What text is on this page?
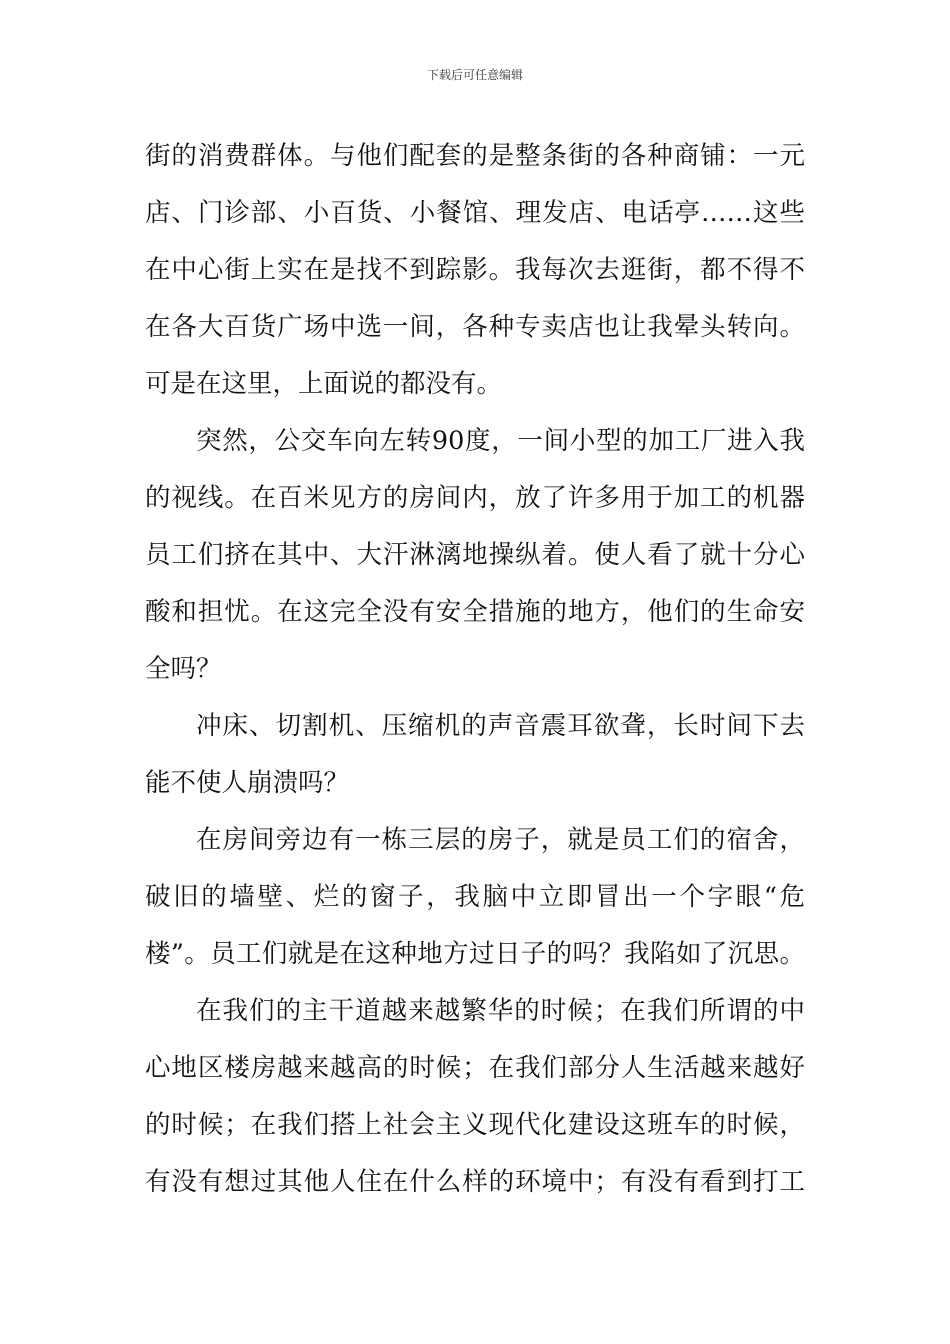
下载后可任意编辑
街的消费群体。与他们配套的是整条街的各种商铺：一元
店、门诊部、小百货、小餐馆、理发店、电话亭……这些
在中心街上实在是找不到踪影。我每次去逛街，都不得不
在各大百货广场中选一间，各种专卖店也让我晕头转向。
可是在这里，上面说的都没有。
突然，公交车向左转90度，一间小型的加工厂进入我
的视线。在百米见方的房间内，放了许多用于加工的机器
员工们挤在其中、大汗淋漓地操纵着。使人看了就十分心
酸和担忧。在这完全没有安全措施的地方，他们的生命安
全吗？
冲床、切割机、压缩机的声音震耳欲聋，长时间下去
能不使人崩溃吗？
在房间旁边有一栋三层的房子，就是员工们的宿舍，
破旧的墙壁、烂的窗子，我脑中立即冒出一个字眼“危
楼”。员工们就是在这种地方过日子的吗？我陷如了沉思。
在我们的主干道越来越繁华的时候；在我们所谓的中
心地区楼房越来越高的时候；在我们部分人生活越来越好
的时候；在我们搭上社会主义现代化建设这班车的时候，
有没有想过其他人住在什么样的环境中；有没有看到打工
